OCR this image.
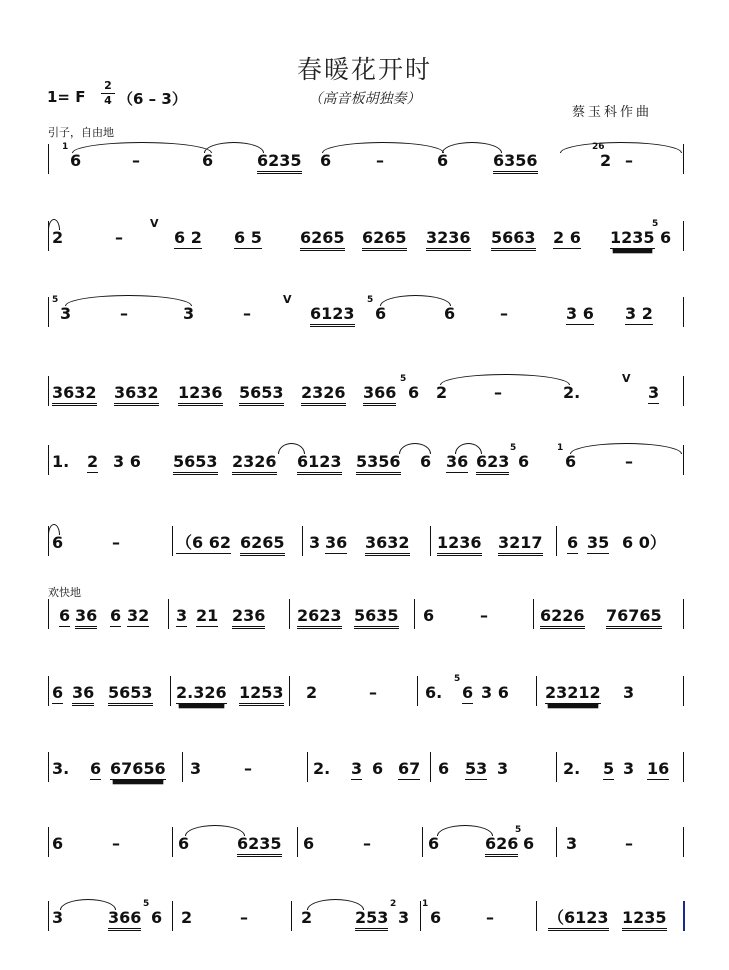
春暖花开时
（高音板胡独奏）
1= F
2
4 （6 – 3）
蔡玉科作曲
引子，自由地
欢快地
1
6	–	6	6235 6	–	6	6356
26
2 –
V
2	–	6 2 6 5 6265 6265 3236 5663 2 6 1235
5
6
V
5
3	–	3	–	6123
5
6	6	–	3 6 3 2
V
3632 3632 1236 5653 2326 366
5
6 2	–	2.	3
1. 2 3 6 5653 2326 6123 5356 6 36 623
5
6
1
6	–
6	–	（6 62 6265 3 36 3632 1236 3217 6 35 6 0）
6 36 6 32 3 21 236 2623 5635 6	–	6226 76765
6 36 5653 2.326 1253 2	–	6.
5
6 3 6 23212 3
3. 6 67656 3	–	2. 3 6 67 6 53 3	2. 5 3 16
6	–	6	6235 6	–	6	626
5
6 3	–
3	366
5
6 2	–	2	253
2
3
1
6	–	（6123 1235
